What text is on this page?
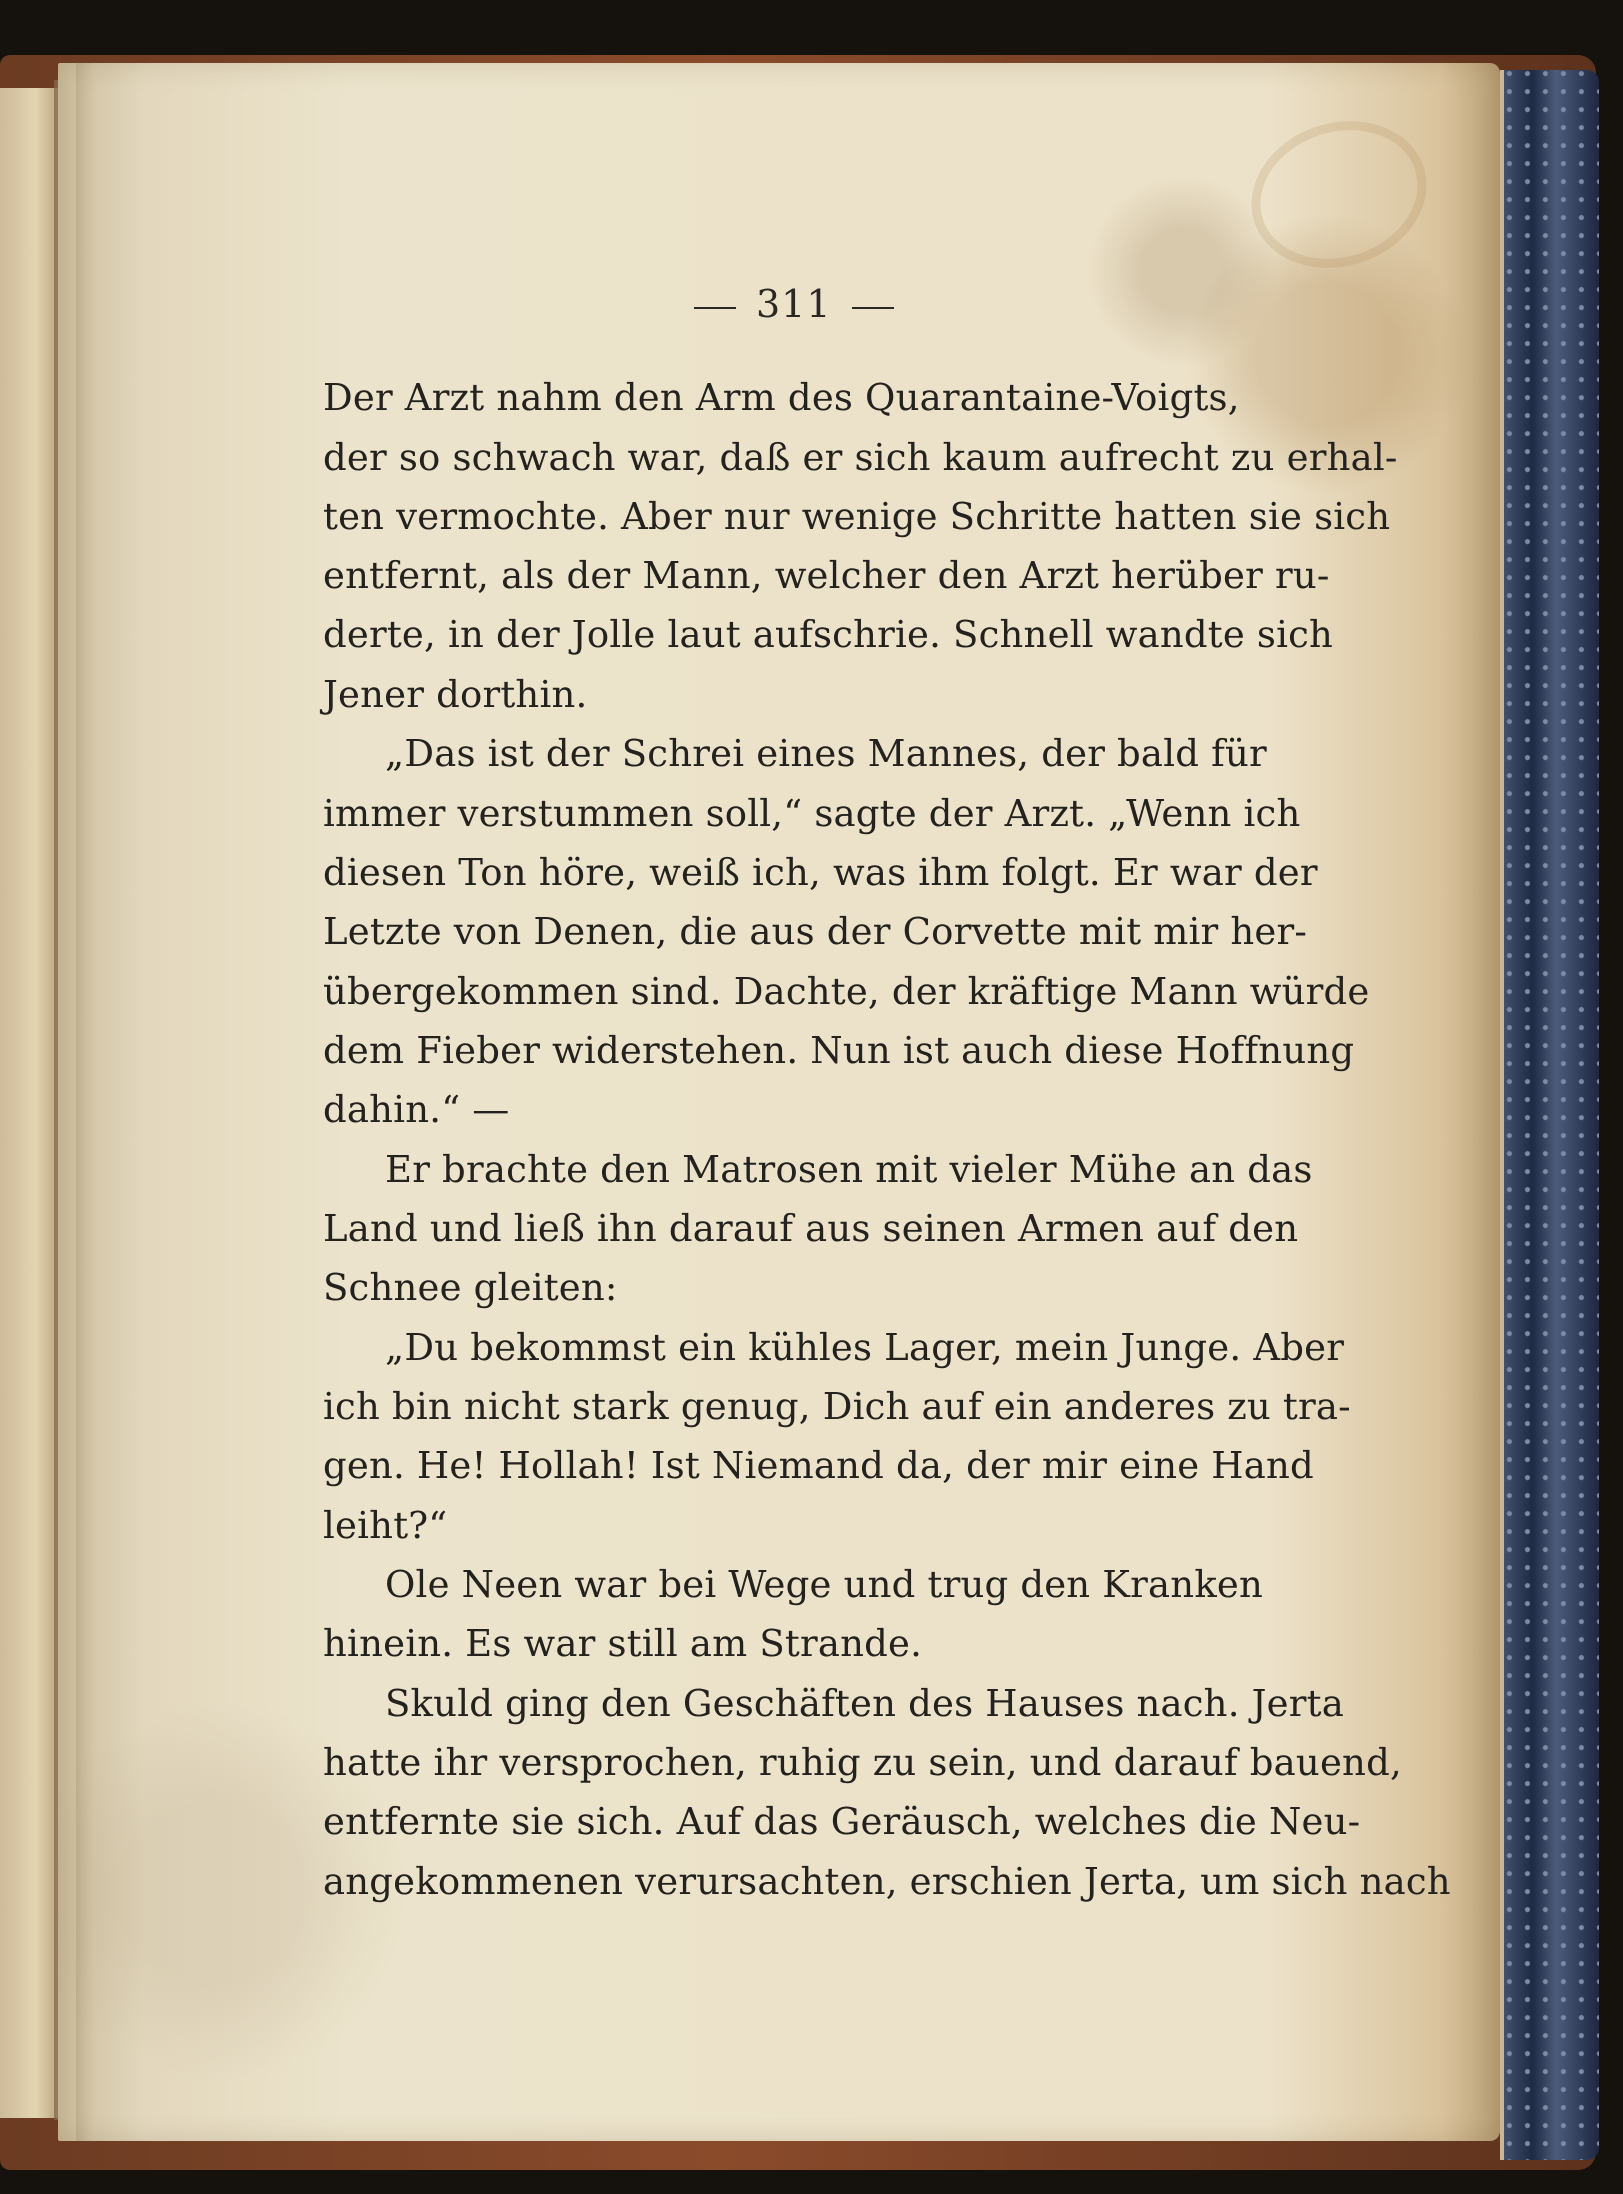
311
Der Arzt nahm den Arm des Quarantaine-Voigts,
der so schwach war, daß er sich kaum aufrecht zu erhal-
ten vermochte. Aber nur wenige Schritte hatten sie sich
entfernt, als der Mann, welcher den Arzt herüber ru-
derte, in der Jolle laut aufschrie. Schnell wandte sich
Jener dorthin.
„Das ist der Schrei eines Mannes, der bald für
immer verstummen soll,“ sagte der Arzt. „Wenn ich
diesen Ton höre, weiß ich, was ihm folgt. Er war der
Letzte von Denen, die aus der Corvette mit mir her-
übergekommen sind. Dachte, der kräftige Mann würde
dem Fieber widerstehen. Nun ist auch diese Hoffnung
dahin.“ —
Er brachte den Matrosen mit vieler Mühe an das
Land und ließ ihn darauf aus seinen Armen auf den
Schnee gleiten:
„Du bekommst ein kühles Lager, mein Junge. Aber
ich bin nicht stark genug, Dich auf ein anderes zu tra-
gen. He! Hollah! Ist Niemand da, der mir eine Hand
leiht?“
Ole Neen war bei Wege und trug den Kranken
hinein. Es war still am Strande.
Skuld ging den Geschäften des Hauses nach. Jerta
hatte ihr versprochen, ruhig zu sein, und darauf bauend,
entfernte sie sich. Auf das Geräusch, welches die Neu-
angekommenen verursachten, erschien Jerta, um sich nach
